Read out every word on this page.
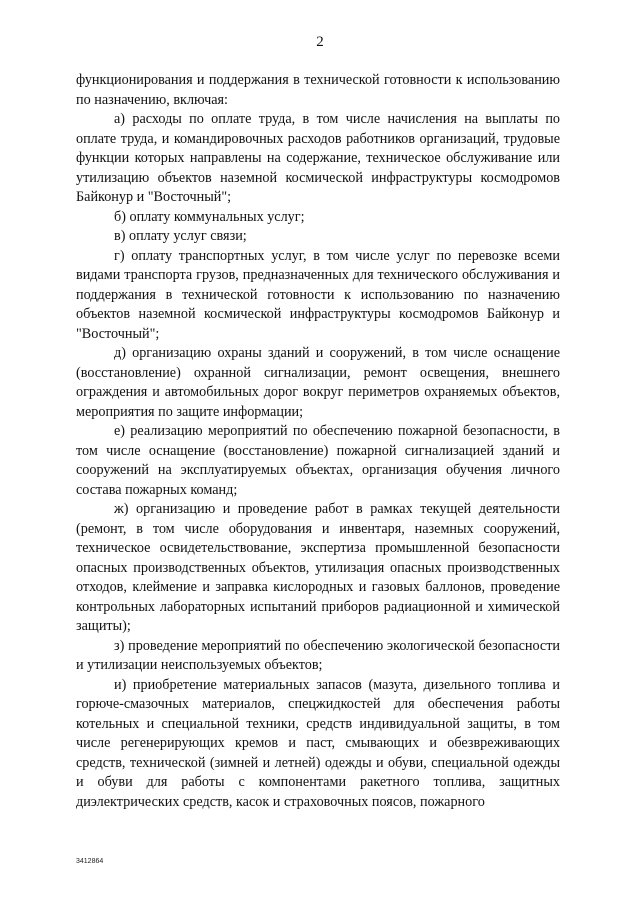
2

функционирования и поддержания в технической готовности к использованию по назначению, включая:

а) расходы по оплате труда, в том числе начисления на выплаты по оплате труда, и командировочных расходов работников организаций, трудовые функции которых направлены на содержание, техническое обслуживание или утилизацию объектов наземной космической инфраструктуры космодромов Байконур и "Восточный";

б) оплату коммунальных услуг;

в) оплату услуг связи;

г) оплату транспортных услуг, в том числе услуг по перевозке всеми видами транспорта грузов, предназначенных для технического обслуживания и поддержания в технической готовности к использованию по назначению объектов наземной космической инфраструктуры космодромов Байконур и "Восточный";

д) организацию охраны зданий и сооружений, в том числе оснащение (восстановление) охранной сигнализации, ремонт освещения, внешнего ограждения и автомобильных дорог вокруг периметров охраняемых объектов, мероприятия по защите информации;

е) реализацию мероприятий по обеспечению пожарной безопасности, в том числе оснащение (восстановление) пожарной сигнализацией зданий и сооружений на эксплуатируемых объектах, организация обучения личного состава пожарных команд;

ж) организацию и проведение работ в рамках текущей деятельности (ремонт, в том числе оборудования и инвентаря, наземных сооружений, техническое освидетельствование, экспертиза промышленной безопасности опасных производственных объектов, утилизация опасных производственных отходов, клеймение и заправка кислородных и газовых баллонов, проведение контрольных лабораторных испытаний приборов радиационной и химической защиты);

з) проведение мероприятий по обеспечению экологической безопасности и утилизации неиспользуемых объектов;

и) приобретение материальных запасов (мазута, дизельного топлива и горюче-смазочных материалов, спецжидкостей для обеспечения работы котельных и специальной техники, средств индивидуальной защиты, в том числе регенерирующих кремов и паст, смывающих и обезвреживающих средств, технической (зимней и летней) одежды и обуви, специальной одежды и обуви для работы с компонентами ракетного топлива, защитных диэлектрических средств, касок и страховочных поясов, пожарного

3412864
